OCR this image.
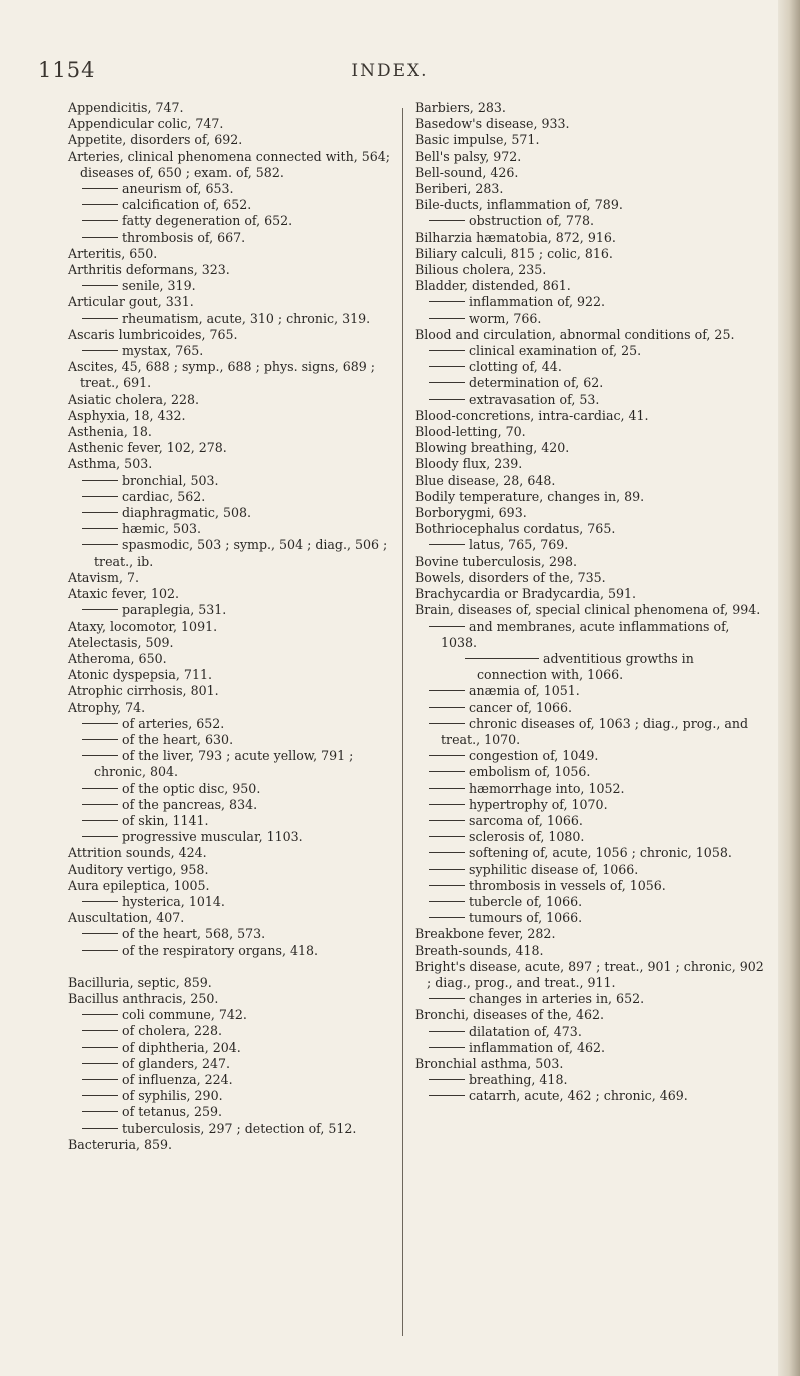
1154	INDEX.
Appendicitis, 747.
Appendicular colic, 747.
Appetite, disorders of, 692.
Arteries, clinical phenomena connected with, 564; diseases of, 650 ; exam. of, 582.
aneurism of, 653.
calcification of, 652.
fatty degeneration of, 652.
thrombosis of, 667.
Arteritis, 650.
Arthritis deformans, 323.
senile, 319.
Articular gout, 331.
rheumatism, acute, 310 ; chronic, 319.
Ascaris lumbricoides, 765.
mystax, 765.
Ascites, 45, 688 ; symp., 688 ; phys. signs, 689 ; treat., 691.
Asiatic cholera, 228.
Asphyxia, 18, 432.
Asthenia, 18.
Asthenic fever, 102, 278.
Asthma, 503.
bronchial, 503.
cardiac, 562.
diaphragmatic, 508.
hæmic, 503.
spasmodic, 503 ; symp., 504 ; diag., 506 ; treat., ib.
Atavism, 7.
Ataxic fever, 102.
paraplegia, 531.
Ataxy, locomotor, 1091.
Atelectasis, 509.
Atheroma, 650.
Atonic dyspepsia, 711.
Atrophic cirrhosis, 801.
Atrophy, 74.
of arteries, 652.
of the heart, 630.
of the liver, 793 ; acute yellow, 791 ; chronic, 804.
of the optic disc, 950.
of the pancreas, 834.
of skin, 1141.
progressive muscular, 1103.
Attrition sounds, 424.
Auditory vertigo, 958.
Aura epileptica, 1005.
hysterica, 1014.
Auscultation, 407.
of the heart, 568, 573.
of the respiratory organs, 418.
Bacilluria, septic, 859.
Bacillus anthracis, 250.
coli commune, 742.
of cholera, 228.
of diphtheria, 204.
of glanders, 247.
of influenza, 224.
of syphilis, 290.
of tetanus, 259.
tuberculosis, 297 ; detection of, 512.
Bacteruria, 859.
Barbiers, 283.
Basedow's disease, 933.
Basic impulse, 571.
Bell's palsy, 972.
Bell-sound, 426.
Beriberi, 283.
Bile-ducts, inflammation of, 789.
obstruction of, 778.
Bilharzia hæmatobia, 872, 916.
Biliary calculi, 815 ; colic, 816.
Bilious cholera, 235.
Bladder, distended, 861.
inflammation of, 922.
worm, 766.
Blood and circulation, abnormal conditions of, 25.
clinical examination of, 25.
clotting of, 44.
determination of, 62.
extravasation of, 53.
Blood-concretions, intra-cardiac, 41.
Blood-letting, 70.
Blowing breathing, 420.
Bloody flux, 239.
Blue disease, 28, 648.
Bodily temperature, changes in, 89.
Borborygmi, 693.
Bothriocephalus cordatus, 765.
latus, 765, 769.
Bovine tuberculosis, 298.
Bowels, disorders of the, 735.
Brachycardia or Bradycardia, 591.
Brain, diseases of, special clinical phenomena of, 994.
and membranes, acute inflammations of, 1038.
adventitious growths in connection with, 1066.
anæmia of, 1051.
cancer of, 1066.
chronic diseases of, 1063 ; diag., prog., and treat., 1070.
congestion of, 1049.
embolism of, 1056.
hæmorrhage into, 1052.
hypertrophy of, 1070.
sarcoma of, 1066.
sclerosis of, 1080.
softening of, acute, 1056 ; chronic, 1058.
syphilitic disease of, 1066.
thrombosis in vessels of, 1056.
tubercle of, 1066.
tumours of, 1066.
Breakbone fever, 282.
Breath-sounds, 418.
Bright's disease, acute, 897 ; treat., 901 ; chronic, 902 ; diag., prog., and treat., 911.
changes in arteries in, 652.
Bronchi, diseases of the, 462.
dilatation of, 473.
inflammation of, 462.
Bronchial asthma, 503.
breathing, 418.
catarrh, acute, 462 ; chronic, 469.
